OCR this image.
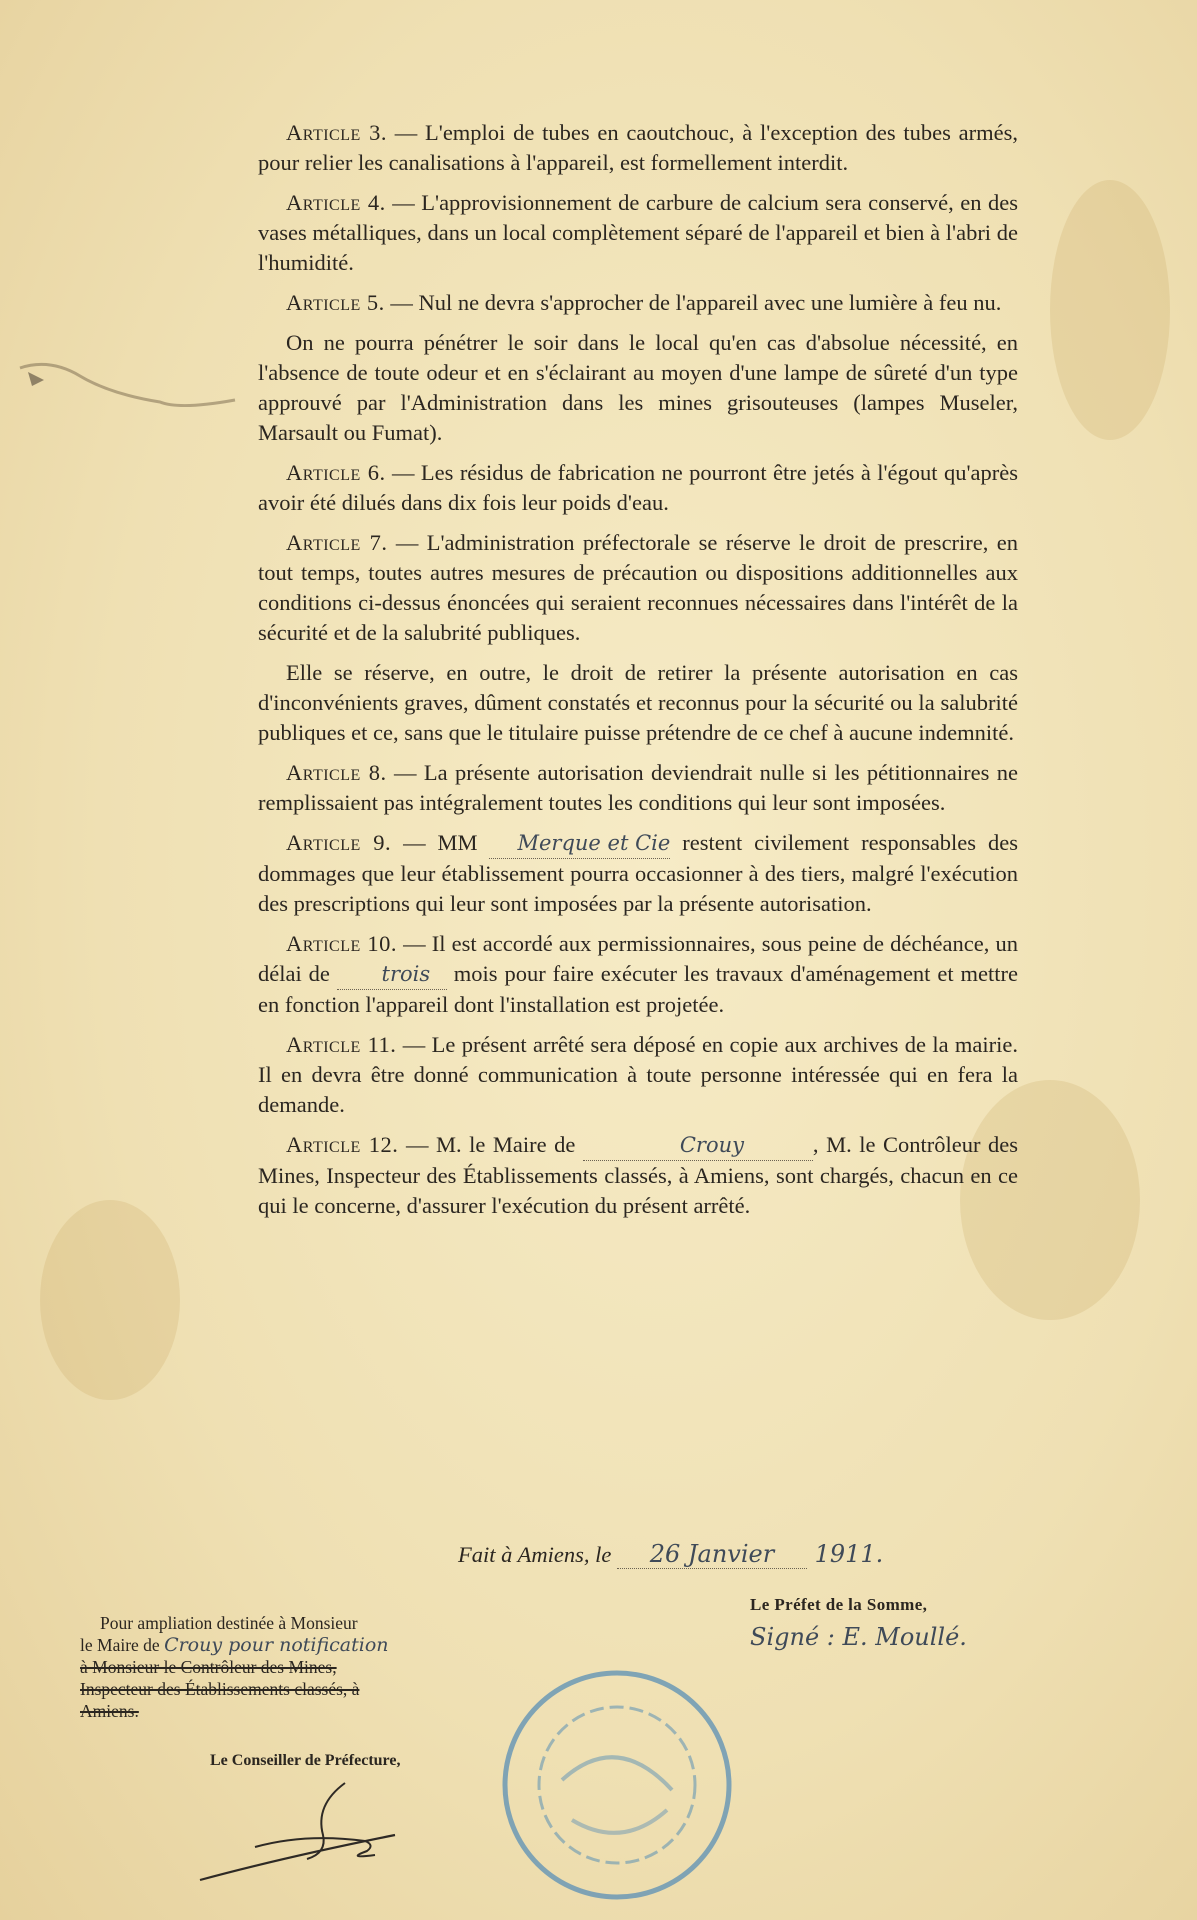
Article 3. — L'emploi de tubes en caoutchouc, à l'exception des tubes armés, pour relier les canalisations à l'appareil, est formellement interdit.

Article 4. — L'approvisionnement de carbure de calcium sera conservé, en des vases métalliques, dans un local complètement séparé de l'appareil et bien à l'abri de l'humidité.

Article 5. — Nul ne devra s'approcher de l'appareil avec une lumière à feu nu.

On ne pourra pénétrer le soir dans le local qu'en cas d'absolue nécessité, en l'absence de toute odeur et en s'éclairant au moyen d'une lampe de sûreté d'un type approuvé par l'Administration dans les mines grisouteuses (lampes Museler, Marsault ou Fumat).

Article 6. — Les résidus de fabrication ne pourront être jetés à l'égout qu'après avoir été dilués dans dix fois leur poids d'eau.

Article 7. — L'administration préfectorale se réserve le droit de prescrire, en tout temps, toutes autres mesures de précaution ou dispositions additionnelles aux conditions ci-dessus énoncées qui seraient reconnues nécessaires dans l'intérêt de la sécurité et de la salubrité publiques.

Elle se réserve, en outre, le droit de retirer la présente autorisation en cas d'inconvénients graves, dûment constatés et reconnus pour la sécurité ou la salubrité publiques et ce, sans que le titulaire puisse prétendre de ce chef à aucune indemnité.

Article 8. — La présente autorisation deviendrait nulle si les pétitionnaires ne remplissaient pas intégralement toutes les conditions qui leur sont imposées.

Article 9. — MM Merque et Cie restent civilement responsables des dommages que leur établissement pourra occasionner à des tiers, malgré l'exécution des prescriptions qui leur sont imposées par la présente autorisation.

Article 10. — Il est accordé aux permissionnaires, sous peine de déchéance, un délai de trois mois pour faire exécuter les travaux d'aménagement et mettre en fonction l'appareil dont l'installation est projetée.

Article 11. — Le présent arrêté sera déposé en copie aux archives de la mairie. Il en devra être donné communication à toute personne intéressée qui en fera la demande.

Article 12. — M. le Maire de	Crouy	, M. le Contrôleur des Mines, Inspecteur des Établissements classés, à Amiens, sont chargés, chacun en ce qui le concerne, d'assurer l'exécution du présent arrêté.

Fait à Amiens, le 26 Janvier 1911.
Le Préfet de la Somme,
Signé : E. Moullé.
Pour ampliation destinée à Monsieur
le Maire de Crouy pour notification
à Monsieur le Contrôleur des Mines,
Inspecteur des Établissements classés, à
Amiens.
Le Conseiller de Préfecture,
